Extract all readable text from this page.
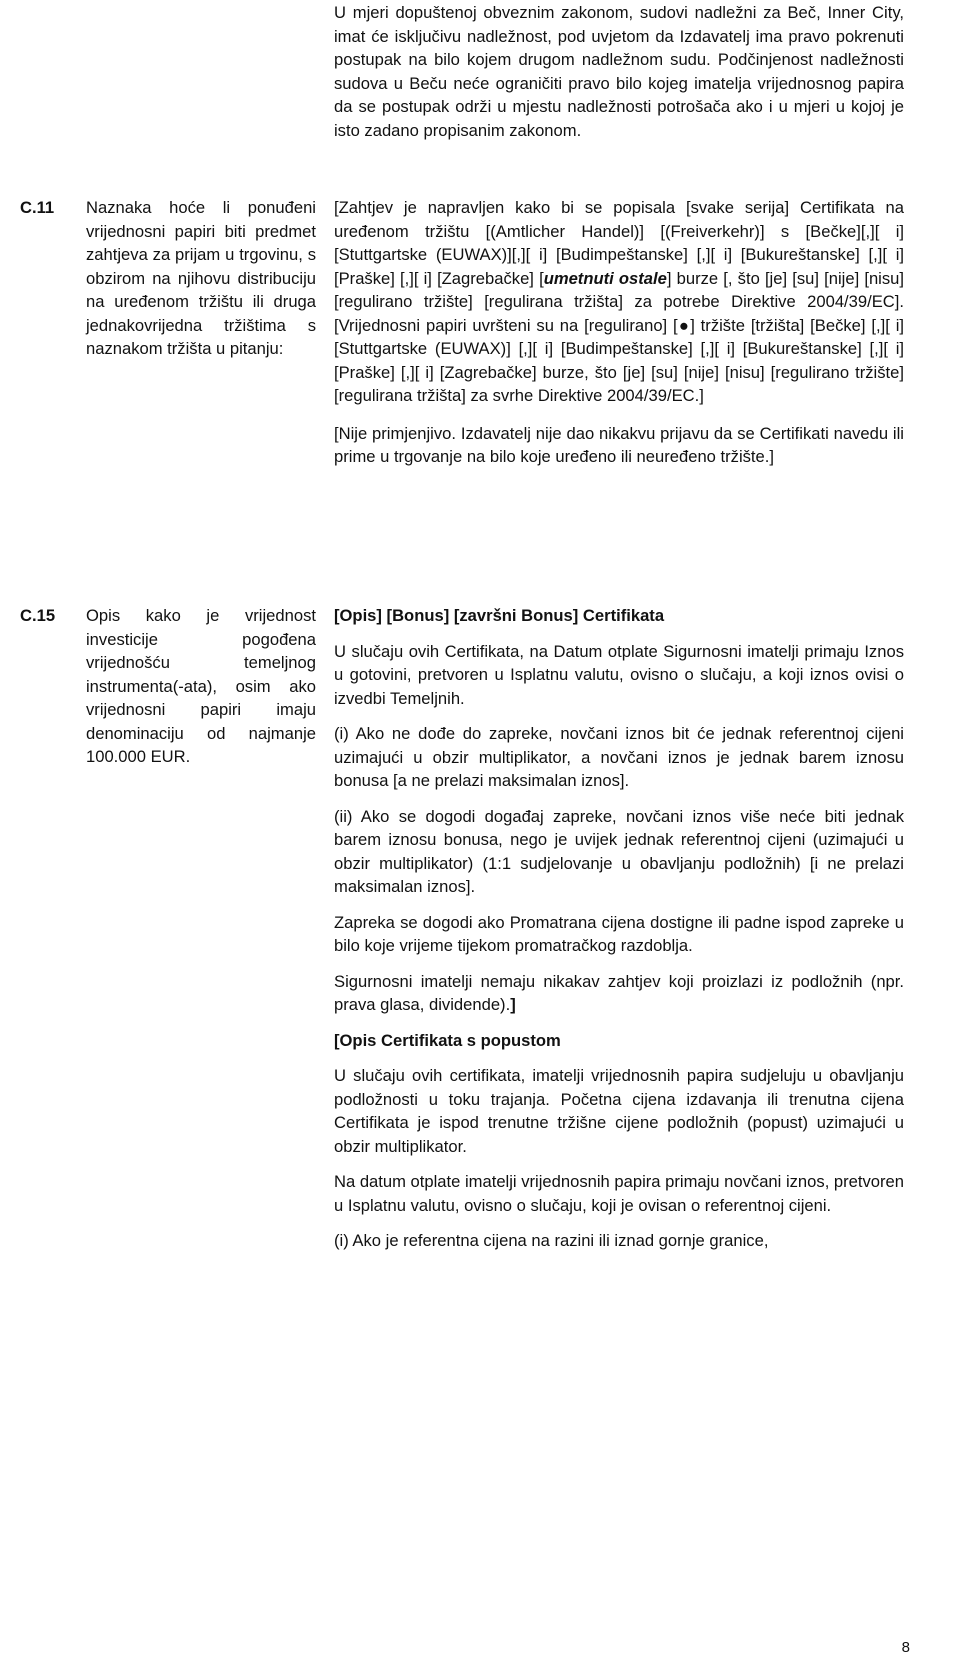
U mjeri dopuštenoj obveznim zakonom, sudovi nadležni za Beč, Inner City, imat će isključivu nadležnost, pod uvjetom da Izdavatelj ima pravo pokrenuti postupak na bilo kojem drugom nadležnom sudu. Podčinjenost nadležnosti sudova u Beču neće ograničiti pravo bilo kojeg imatelja vrijednosnog papira da se postupak održi u mjestu nadležnosti potrošača ako i u mjeri u kojoj je isto zadano propisanim zakonom.

C.11 Naznaka hoće li ponuđeni vrijednosni papiri biti predmet zahtjeva za prijam u trgovinu, s obzirom na njihovu distribuciju na uređenom tržištu ili druga jednakovrijedna tržištima s naznakom tržišta u pitanju:

[Zahtjev je napravljen kako bi se popisala [svake serija] Certifikata na uređenom tržištu [(Amtlicher Handel)] [(Freiverkehr)] s [Bečke][,][ i] [Stuttgartske (EUWAX)][,][ i] [Budimpeštanske] [,][ i] [Bukureštanske] [,][ i] [Praške] [,][ i] [Zagrebačke] [umetnuti ostale] burze [, što [je] [su] [nije] [nisu] [regulirano tržište] [regulirana tržišta] za potrebe Direktive 2004/39/EC]. [Vrijednosni papiri uvršteni su na [regulirano] [●] tržište [tržišta] [Bečke] [,][ i] [Stuttgartske (EUWAX)] [,][ i] [Budimpeštanske] [,][ i] [Bukureštanske] [,][ i] [Praške] [,][ i] [Zagrebačke] burze, što [je] [su] [nije] [nisu] [regulirano tržište] [regulirana tržišta] za svrhe Direktive 2004/39/EC.]

[Nije primjenjivo. Izdavatelj nije dao nikakvu prijavu da se Certifikati navedu ili prime u trgovanje na bilo koje uređeno ili neuređeno tržište.]

C.15 Opis kako je vrijednost investicije pogođena vrijednošću temeljnog instrumenta(-ata), osim ako vrijednosni papiri imaju denominaciju od najmanje 100.000 EUR.

[Opis] [Bonus] [završni Bonus] Certifikata

U slučaju ovih Certifikata, na Datum otplate Sigurnosni imatelji primaju Iznos u gotovini, pretvoren u Isplatnu valutu, ovisno o slučaju, a koji iznos ovisi o izvedbi Temeljnih.

(i) Ako ne dođe do zapreke, novčani iznos bit će jednak referentnoj cijeni uzimajući u obzir multiplikator, a novčani iznos je jednak barem iznosu bonusa [a ne prelazi maksimalan iznos].

(ii) Ako se dogodi događaj zapreke, novčani iznos više neće biti jednak barem iznosu bonusa, nego je uvijek jednak referentnoj cijeni (uzimajući u obzir multiplikator) (1:1 sudjelovanje u obavljanju podložnih) [i ne prelazi maksimalan iznos].

Zapreka se dogodi ako Promatrana cijena dostigne ili padne ispod zapreke u bilo koje vrijeme tijekom promatračkog razdoblja.

Sigurnosni imatelji nemaju nikakav zahtjev koji proizlazi iz podložnih (npr. prava glasa, dividende).]

[Opis Certifikata s popustom

U slučaju ovih certifikata, imatelji vrijednosnih papira sudjeluju u obavljanju podložnosti u toku trajanja. Početna cijena izdavanja ili trenutna cijena Certifikata je ispod trenutne tržišne cijene podložnih (popust) uzimajući u obzir multiplikator.

Na datum otplate imatelji vrijednosnih papira primaju novčani iznos, pretvoren u Isplatnu valutu, ovisno o slučaju, koji je ovisan o referentnoj cijeni.

(i) Ako je referentna cijena na razini ili iznad gornje granice,

8
